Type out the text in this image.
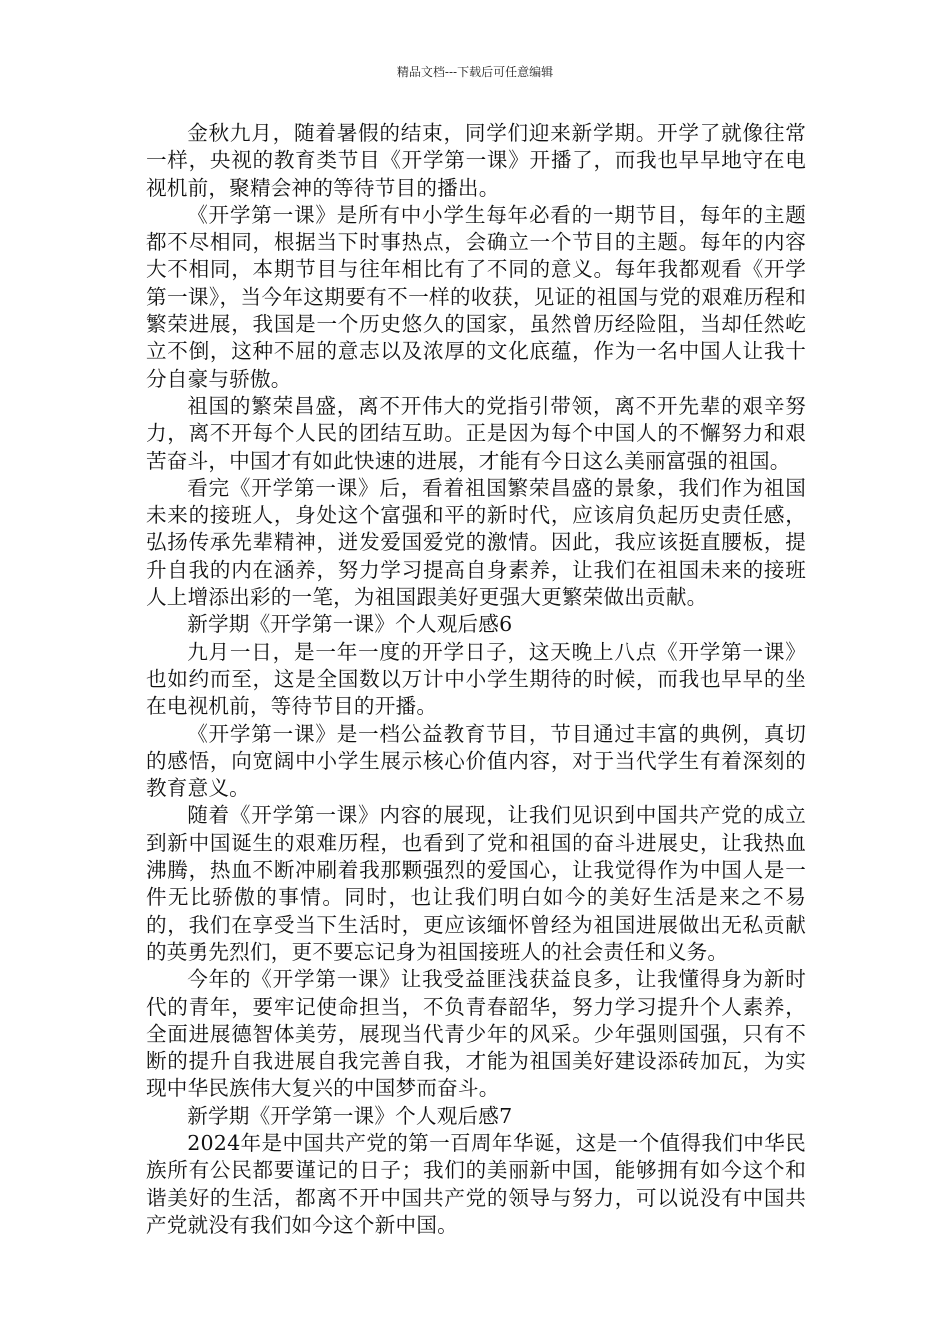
精品文档---下载后可任意编辑

金秋九月，随着暑假的结束，同学们迎来新学期。开学了就像往常一样，央视的教育类节目《开学第一课》开播了，而我也早早地守在电视机前，聚精会神的等待节目的播出。

《开学第一课》是所有中小学生每年必看的一期节目，每年的主题都不尽相同，根据当下时事热点，会确立一个节目的主题。每年的内容大不相同，本期节目与往年相比有了不同的意义。每年我都观看《开学第一课》，当今年这期要有不一样的收获，见证的祖国与党的艰难历程和繁荣进展，我国是一个历史悠久的国家，虽然曾历经险阻，当却任然屹立不倒，这种不屈的意志以及浓厚的文化底蕴，作为一名中国人让我十分自豪与骄傲。

祖国的繁荣昌盛，离不开伟大的党指引带领，离不开先辈的艰辛努力，离不开每个人民的团结互助。正是因为每个中国人的不懈努力和艰苦奋斗，中国才有如此快速的进展，才能有今日这么美丽富强的祖国。

看完《开学第一课》后，看着祖国繁荣昌盛的景象，我们作为祖国未来的接班人，身处这个富强和平的新时代，应该肩负起历史责任感，弘扬传承先辈精神，迸发爱国爱党的激情。因此，我应该挺直腰板，提升自我的内在涵养，努力学习提高自身素养，让我们在祖国未来的接班人上增添出彩的一笔，为祖国跟美好更强大更繁荣做出贡献。

新学期《开学第一课》个人观后感6

九月一日，是一年一度的开学日子，这天晚上八点《开学第一课》也如约而至，这是全国数以万计中小学生期待的时候，而我也早早的坐在电视机前，等待节目的开播。

《开学第一课》是一档公益教育节目，节目通过丰富的典例，真切的感悟，向宽阔中小学生展示核心价值内容，对于当代学生有着深刻的教育意义。

随着《开学第一课》内容的展现，让我们见识到中国共产党的成立到新中国诞生的艰难历程，也看到了党和祖国的奋斗进展史，让我热血沸腾，热血不断冲刷着我那颗强烈的爱国心，让我觉得作为中国人是一件无比骄傲的事情。同时，也让我们明白如今的美好生活是来之不易的，我们在享受当下生活时，更应该缅怀曾经为祖国进展做出无私贡献的英勇先烈们，更不要忘记身为祖国接班人的社会责任和义务。

今年的《开学第一课》让我受益匪浅获益良多，让我懂得身为新时代的青年，要牢记使命担当，不负青春韶华，努力学习提升个人素养，全面进展德智体美劳，展现当代青少年的风采。少年强则国强，只有不断的提升自我进展自我完善自我，才能为祖国美好建设添砖加瓦，为实现中华民族伟大复兴的中国梦而奋斗。

新学期《开学第一课》个人观后感7

2024年是中国共产党的第一百周年华诞，这是一个值得我们中华民族所有公民都要谨记的日子；我们的美丽新中国，能够拥有如今这个和谐美好的生活，都离不开中国共产党的领导与努力，可以说没有中国共产党就没有我们如今这个新中国。
